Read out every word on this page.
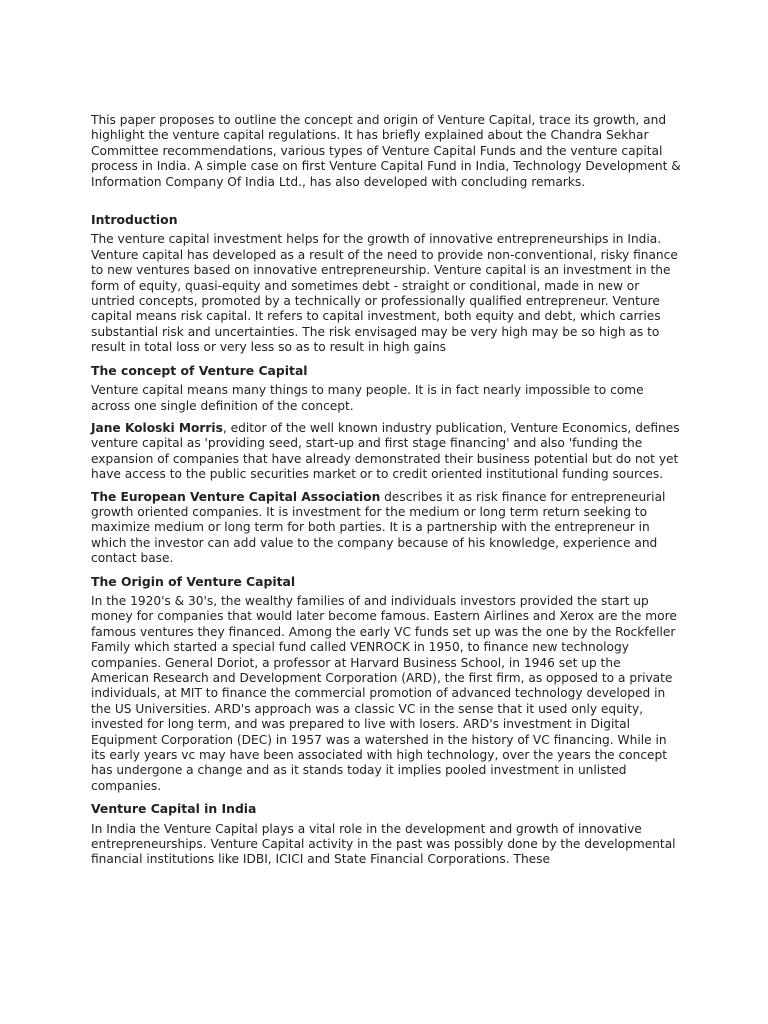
This paper proposes to outline the concept and origin of Venture Capital, trace its growth, and highlight the venture capital regulations. It has briefly explained about the Chandra Sekhar Committee recommendations, various types of Venture Capital Funds and the venture capital process in India. A simple case on first Venture Capital Fund in India, Technology Development & Information Company Of India Ltd., has also developed with concluding remarks.

Introduction

The venture capital investment helps for the growth of innovative entrepreneurships in India. Venture capital has developed as a result of the need to provide non-conventional, risky finance to new ventures based on innovative entrepreneurship. Venture capital is an investment in the form of equity, quasi-equity and sometimes debt - straight or conditional, made in new or untried concepts, promoted by a technically or professionally qualified entrepreneur. Venture capital means risk capital. It refers to capital investment, both equity and debt, which carries substantial risk and uncertainties. The risk envisaged may be very high may be so high as to result in total loss or very less so as to result in high gains

The concept of Venture Capital

Venture capital means many things to many people. It is in fact nearly impossible to come across one single definition of the concept.

Jane Koloski Morris, editor of the well known industry publication, Venture Economics, defines venture capital as 'providing seed, start-up and first stage financing' and also 'funding the expansion of companies that have already demonstrated their business potential but do not yet have access to the public securities market or to credit oriented institutional funding sources.

The European Venture Capital Association describes it as risk finance for entrepreneurial growth oriented companies. It is investment for the medium or long term return seeking to maximize medium or long term for both parties. It is a partnership with the entrepreneur in which the investor can add value to the company because of his knowledge, experience and contact base.

The Origin of Venture Capital

In the 1920's & 30's, the wealthy families of and individuals investors provided the start up money for companies that would later become famous. Eastern Airlines and Xerox are the more famous ventures they financed. Among the early VC funds set up was the one by the Rockfeller Family which started a special fund called VENROCK in 1950, to finance new technology companies. General Doriot, a professor at Harvard Business School, in 1946 set up the American Research and Development Corporation (ARD), the first firm, as opposed to a private individuals, at MIT to finance the commercial promotion of advanced technology developed in the US Universities. ARD's approach was a classic VC in the sense that it used only equity, invested for long term, and was prepared to live with losers. ARD's investment in Digital Equipment Corporation (DEC) in 1957 was a watershed in the history of VC financing. While in its early years vc may have been associated with high technology, over the years the concept has undergone a change and as it stands today it implies pooled investment in unlisted companies.

Venture Capital in India

In India the Venture Capital plays a vital role in the development and growth of innovative entrepreneurships. Venture Capital activity in the past was possibly done by the developmental financial institutions like IDBI, ICICI and State Financial Corporations. These
